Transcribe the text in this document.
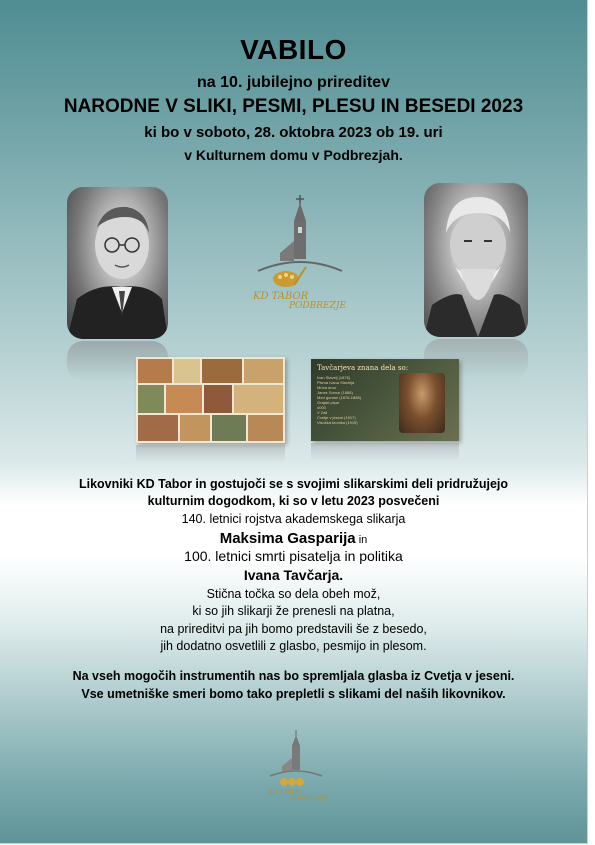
VABILO
na 10. jubilejno prireditev
NARODNE V SLIKI, PESMI, PLESU IN BESEDI 2023
ki bo v soboto, 28. oktobra 2023 ob 19. uri
v Kulturnem domu v Podbrezjah.
KD TABOR
PODBREZJE
Tavčarjeva znana dela so:
Ivan Slavelj (1876)
Pisma Ivana Slavelja
Mrtva srca
Janez Sonce (1886)
Med gorami (1876-1888)
Grajski pisar
4000
V Zali
Cvetje v jeseni (1917)
Visoška kronika (1919)
Likovniki KD Tabor in gostujoči se s svojimi slikarskimi deli pridružujejo
kulturnim dogodkom, ki so v letu 2023 posvečeni
140. letnici rojstva akademskega slikarja
Maksima Gasparija in
100. letnici smrti pisatelja in politika
Ivana Tavčarja.
Stična točka so dela obeh mož,
ki so jih slikarji že prenesli na platna,
na prireditvi pa jih bomo predstavili še z besedo,
jih dodatno osvetlili z glasbo, pesmijo in plesom.
Na vseh mogočih instrumentih nas bo spremljala glasba iz Cvetja v jeseni.
Vse umetniške smeri bomo tako prepletli s slikami del naših likovnikov.
KD TABOR
PODBREZJE
